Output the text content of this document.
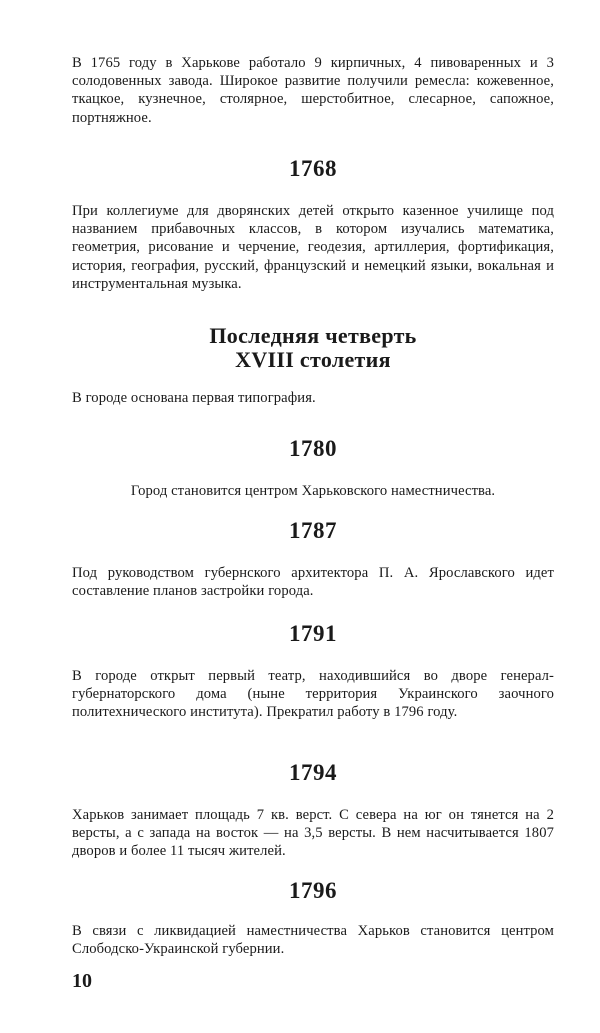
В 1765 году в Харькове работало 9 кирпичных, 4 пивоваренных и 3 солодовенных завода. Широкое развитие получили ремесла: кожевенное, ткацкое, кузнечное, столярное, шерстобитное, слесарное, сапожное, портняжное.

1768

При коллегиуме для дворянских детей открыто казенное училище под названием прибавочных классов, в котором изучались математика, геометрия, рисование и черчение, геодезия, артиллерия, фортификация, история, география, русский, французский и немецкий языки, вокальная и инструментальная музыка.

Последняя четверть
XVIII столетия

В городе основана первая типография.

1780

Город становится центром Харьковского наместничества.

1787

Под руководством губернского архитектора П. А. Ярославского идет составление планов застройки города.

1791

В городе открыт первый театр, находившийся во дворе генерал-губернаторского дома (ныне территория Украинского заочного политехнического института). Прекратил работу в 1796 году.

1794

Харьков занимает площадь 7 кв. верст. С севера на юг он тянется на 2 версты, а с запада на восток — на 3,5 версты. В нем насчитывается 1807 дворов и более 11 тысяч жителей.

1796

В связи с ликвидацией наместничества Харьков становится центром Слободско-Украинской губернии.

10
